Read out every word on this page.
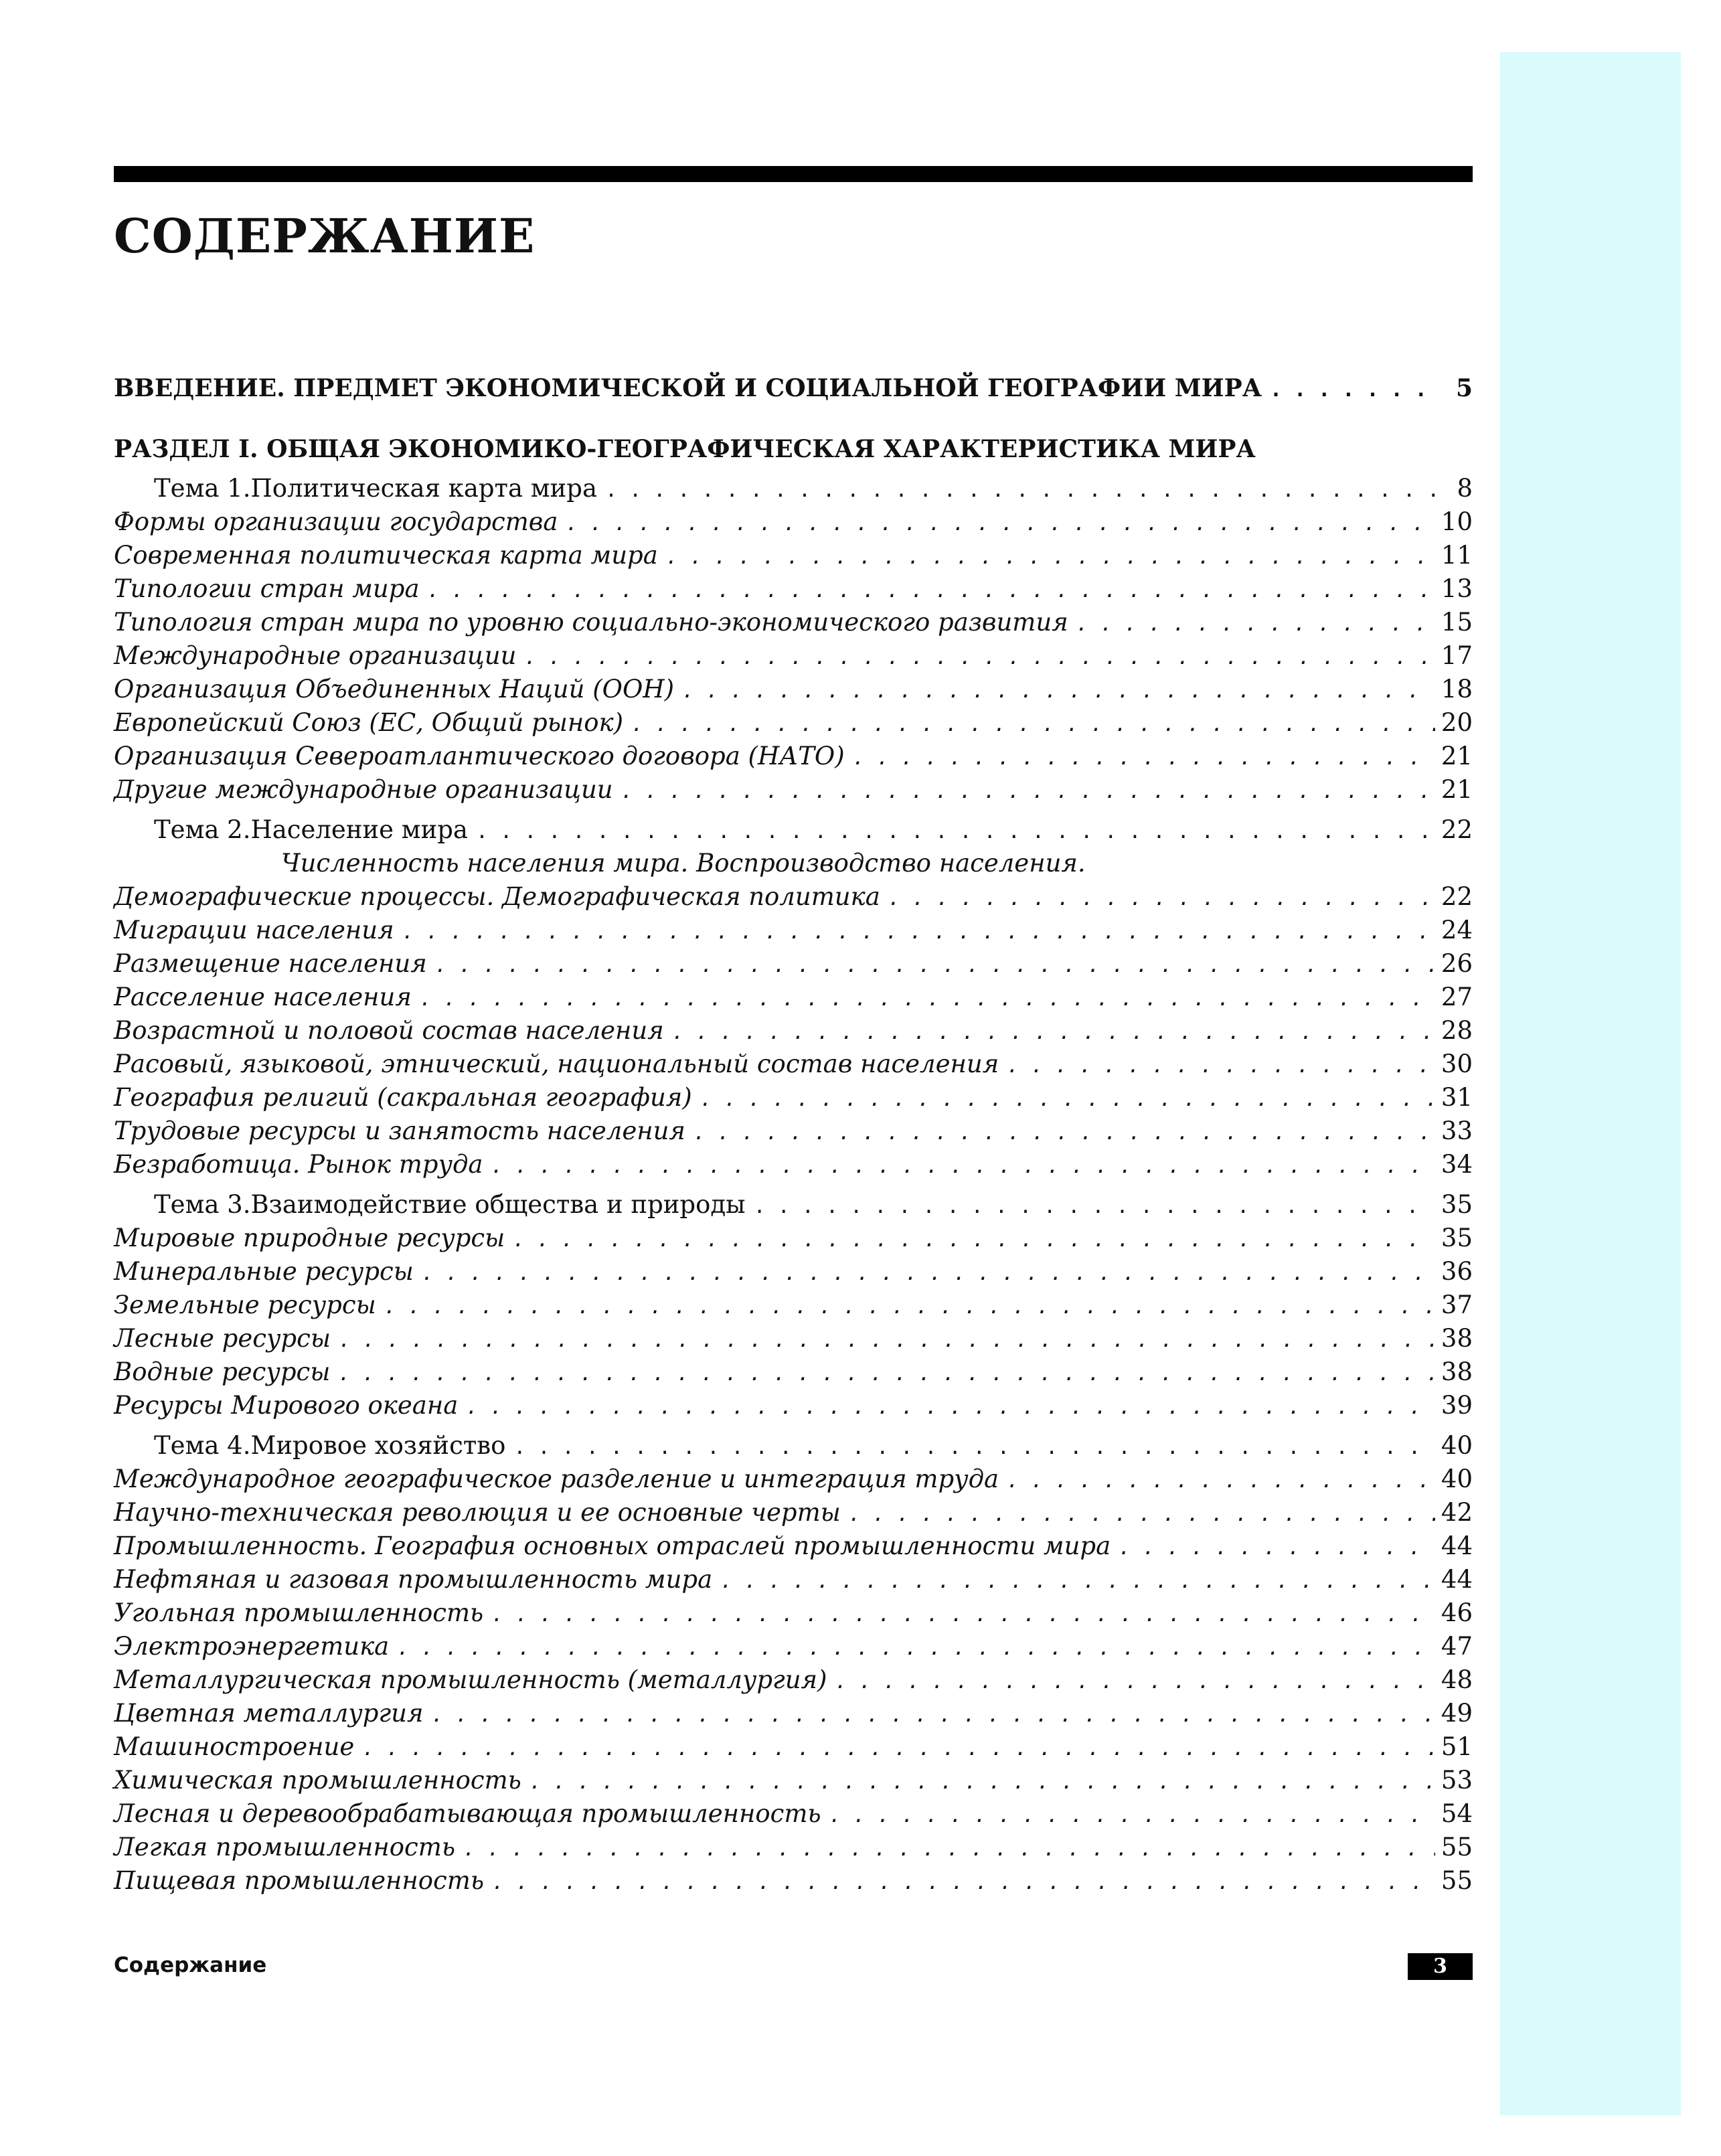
СОДЕРЖАНИЕ
ВВЕДЕНИЕ. ПРЕДМЕТ ЭКОНОМИЧЕСКОЙ И СОЦИАЛЬНОЙ ГЕОГРАФИИ МИРА . . .	5
РАЗДЕЛ I. ОБЩАЯ ЭКОНОМИКО-ГЕОГРАФИЧЕСКАЯ ХАРАКТЕРИСТИКА МИРА
Тема 1. Политическая карта мира . . .	8
Формы организации государства . . .	10
Современная политическая карта мира . . .	11
Типологии стран мира . . .	13
Типология стран мира по уровню социально-экономического развития . . .	15
Международные организации . . .	17
Организация Объединенных Наций (ООН) . . .	18
Европейский Союз (ЕС, Общий рынок) . . .	20
Организация Североатлантического договора (НАТО) . . .	21
Другие международные организации . . .	21
Тема 2. Население мира . . .	22
Численность населения мира. Воспроизводство населения.
Демографические процессы. Демографическая политика . . .	22
Миграции населения . . .	24
Размещение населения . . .	26
Расселение населения . . .	27
Возрастной и половой состав населения . . .	28
Расовый, языковой, этнический, национальный состав населения . . .	30
География религий (сакральная география) . . .	31
Трудовые ресурсы и занятость населения . . .	33
Безработица. Рынок труда . . .	34
Тема 3. Взаимодействие общества и природы . . .	35
Мировые природные ресурсы . . .	35
Минеральные ресурсы . . .	36
Земельные ресурсы . . .	37
Лесные ресурсы . . .	38
Водные ресурсы . . .	38
Ресурсы Мирового океана . . .	39
Тема 4. Мировое хозяйство . . .	40
Международное географическое разделение и интеграция труда . . .	40
Научно-техническая революция и ее основные черты . . .	42
Промышленность. География основных отраслей промышленности мира . . .	44
Нефтяная и газовая промышленность мира . . .	44
Угольная промышленность . . .	46
Электроэнергетика . . .	47
Металлургическая промышленность (металлургия) . . .	48
Цветная металлургия . . .	49
Машиностроение . . .	51
Химическая промышленность . . .	53
Лесная и деревообрабатывающая промышленность . . .	54
Легкая промышленность . . .	55
Пищевая промышленность . . .	55
Содержание	3
